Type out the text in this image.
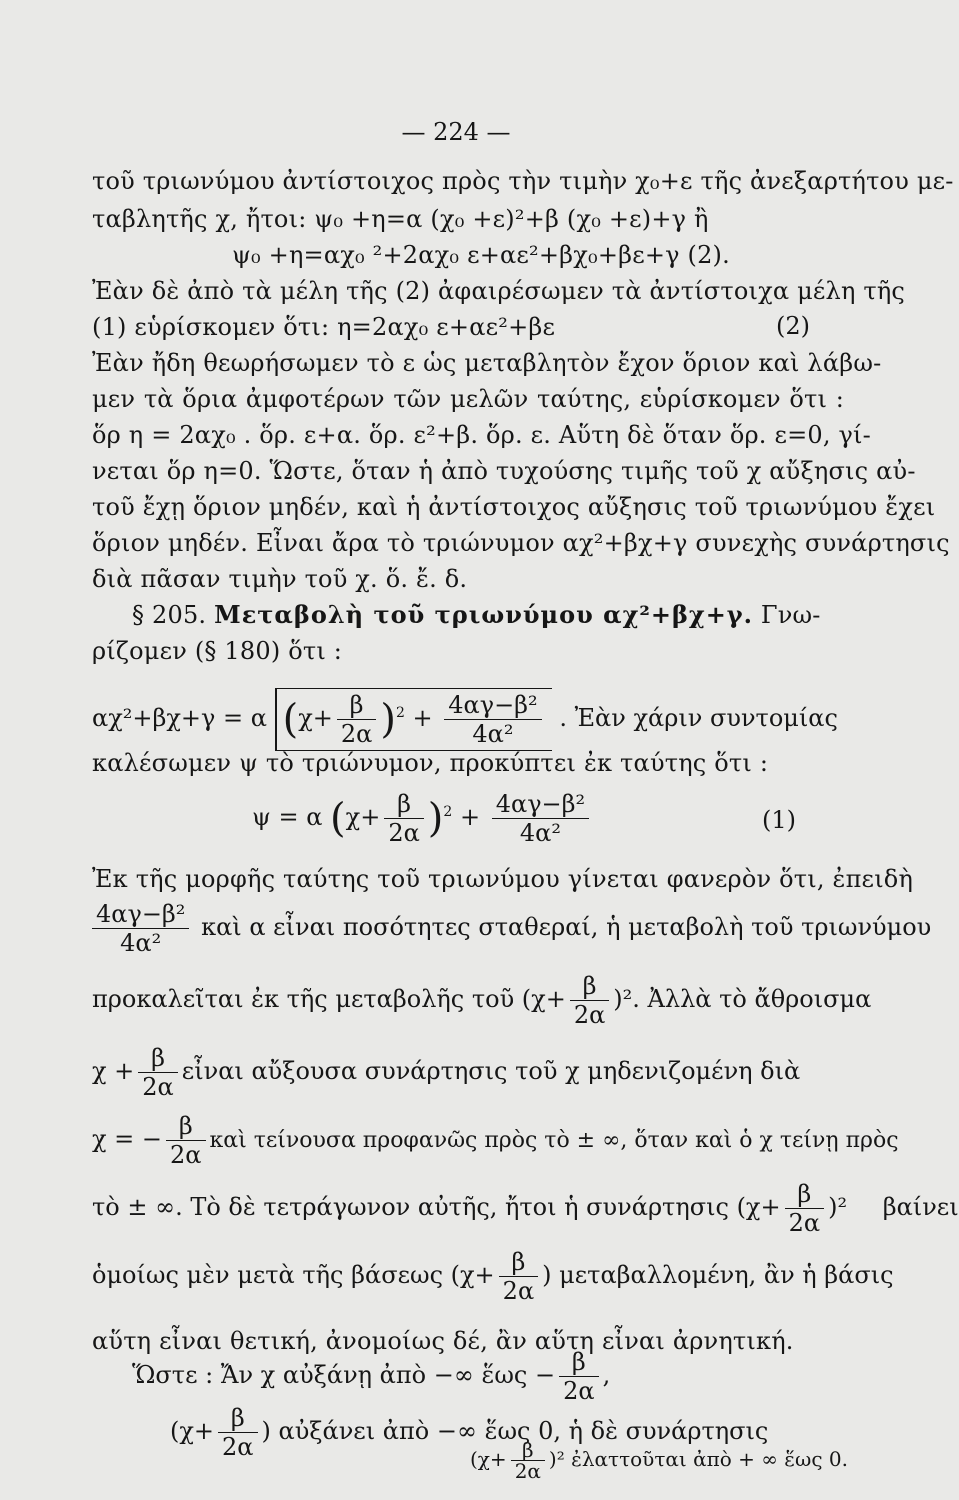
— 224 —
τοῦ τριωνύμου ἀντίστοιχος πρὸς τὴν τιμὴν χ₀+ε τῆς ἀνεξαρτήτου με-
ταβλητῆς χ, ἤτοι: ψ₀ +η=α (χ₀ +ε)²+β (χ₀ +ε)+γ ἢ
ψ₀ +η=αχ₀ ²+2αχ₀ ε+αε²+βχ₀+βε+γ (2).
Ἐὰν δὲ ἀπὸ τὰ μέλη τῆς (2) ἀφαιρέσωμεν τὰ ἀντίστοιχα μέλη τῆς
(1) εὑρίσκομεν ὅτι: η=2αχ₀ ε+αε²+βε	(2)
Ἐὰν ἤδη θεωρήσωμεν τὸ ε ὡς μεταβλητὸν ἔχον ὅριον καὶ λάβω-
μεν τὰ ὅρια ἀμφοτέρων τῶν μελῶν ταύτης, εὑρίσκομεν ὅτι :
ὅρ η = 2αχ₀ . ὅρ. ε+α. ὅρ. ε²+β. ὅρ. ε. Αὕτη δὲ ὅταν ὅρ. ε=0, γί-
νεται ὅρ η=0. Ὥστε, ὅταν ἡ ἀπὸ τυχούσης τιμῆς τοῦ χ αὔξησις αὐ-
τοῦ ἔχῃ ὅριον μηδέν, καὶ ἡ ἀντίστοιχος αὔξησις τοῦ τριωνύμου ἔχει
ὅριον μηδέν. Εἶναι ἄρα τὸ τριώνυμον αχ²+βχ+γ συνεχὴς συνάρτησις
διὰ πᾶσαν τιμὴν τοῦ χ. ὅ. ἔ. δ.
§ 205. Μεταβολὴ τοῦ τριωνύμου αχ²+βχ+γ. Γνω-
ρίζομεν (§ 180) ὅτι :
αχ²+βχ+γ = α $(\chi+ \frac{\beta}{2\alpha} )^2 + \frac{\text{4αγ−β²}}{\text{4α²}}$ . Ἐὰν χάριν συντομίας
καλέσωμεν ψ τὸ τριώνυμον, προκύπτει ἐκ ταύτης ὅτι :
ψ = α $(\chi+ \frac{\beta}{2\alpha} )^2 + \frac{\text{4αγ−β²}}{\text{4α²}}$	(1)
Ἐκ τῆς μορφῆς ταύτης τοῦ τριωνύμου γίνεται φανερὸν ὅτι, ἐπειδὴ
$\frac{\text{4αγ−β²}}{\text{4α²}}$ καὶ α εἶναι ποσότητες σταθεραί, ἡ μεταβολὴ τοῦ τριωνύμου
προκαλεῖται ἐκ τῆς μεταβολῆς τοῦ $(\chi+ \frac{\beta}{2\alpha} )^2$. Ἀλλὰ τὸ ἄθροισμα
$\chi + \frac{\beta}{2\alpha}$ εἶναι αὔξουσα συνάρτησις τοῦ χ μηδενιζομένη διὰ
χ = − $\frac{\beta}{2\alpha}$ καὶ τείνουσα προφανῶς πρὸς τὸ ± ∞, ὅταν καὶ ὁ χ τείνῃ πρὸς
τὸ ± ∞. Τὸ δὲ τετράγωνον αὐτῆς, ἤτοι ἡ συνάρτησις $(\chi+ \frac{\beta}{2\alpha} )^2$ βαίνει
ὁμοίως μὲν μετὰ τῆς βάσεως ($\chi+ \frac{\beta}{2\alpha}$ ) μεταβαλλομένη, ἂν ἡ βάσις
αὕτη εἶναι θετική, ἀνομοίως δέ, ἂν αὕτη εἶναι ἀρνητική.
Ὥστε : Ἄν χ αὐξάνῃ ἀπὸ −∞ ἕως − $\frac{\beta}{2\alpha}$ ,
($\chi+ \frac{\beta}{2\alpha}$ ) αὐξάνει ἀπὸ −∞ ἕως 0, ἡ δὲ συνάρτησις
$(\chi+ \frac{\beta}{2\alpha} )^2$ ἐλαττοῦται ἀπὸ + ∞ ἕως 0.
